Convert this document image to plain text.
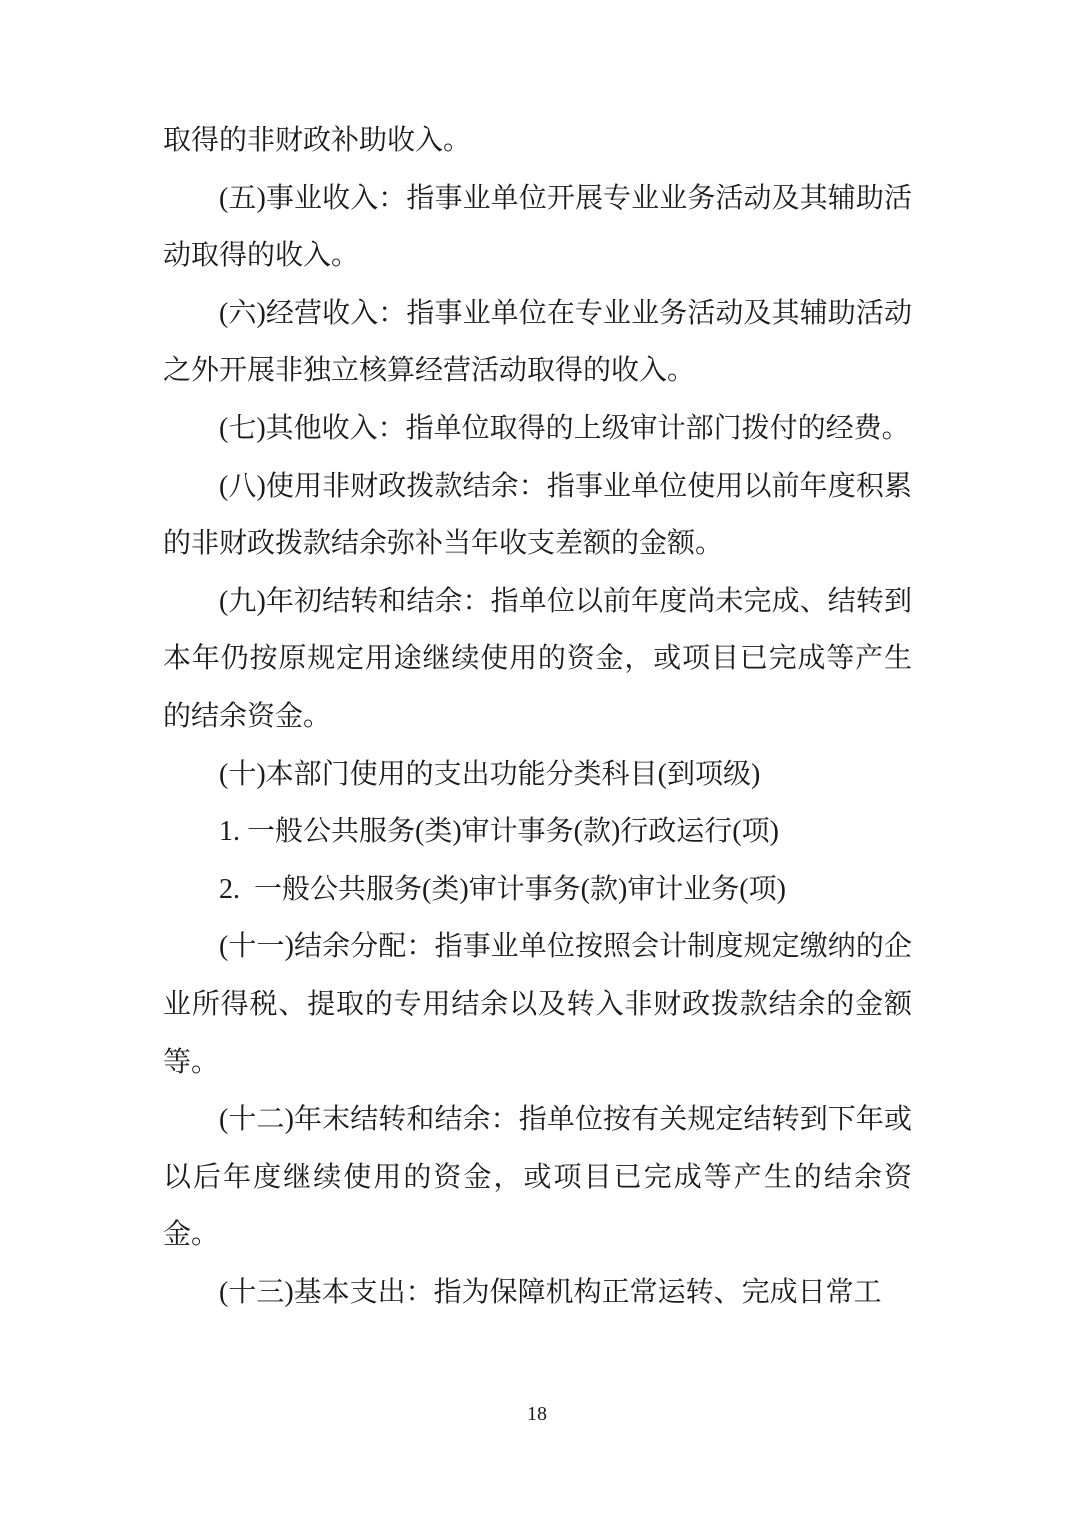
取得的非财政补助收入。

(五)事业收入：指事业单位开展专业业务活动及其辅助活动取得的收入。

(六)经营收入：指事业单位在专业业务活动及其辅助活动之外开展非独立核算经营活动取得的收入。

(七)其他收入：指单位取得的上级审计部门拨付的经费。

(八)使用非财政拨款结余：指事业单位使用以前年度积累的非财政拨款结余弥补当年收支差额的金额。

(九)年初结转和结余：指单位以前年度尚未完成、结转到本年仍按原规定用途继续使用的资金，或项目已完成等产生的结余资金。

(十)本部门使用的支出功能分类科目(到项级)

1. 一般公共服务(类)审计事务(款)行政运行(项)

2.  一般公共服务(类)审计事务(款)审计业务(项)

(十一)结余分配：指事业单位按照会计制度规定缴纳的企业所得税、提取的专用结余以及转入非财政拨款结余的金额等。

(十二)年末结转和结余：指单位按有关规定结转到下年或以后年度继续使用的资金，或项目已完成等产生的结余资金。

(十三)基本支出：指为保障机构正常运转、完成日常工

18
